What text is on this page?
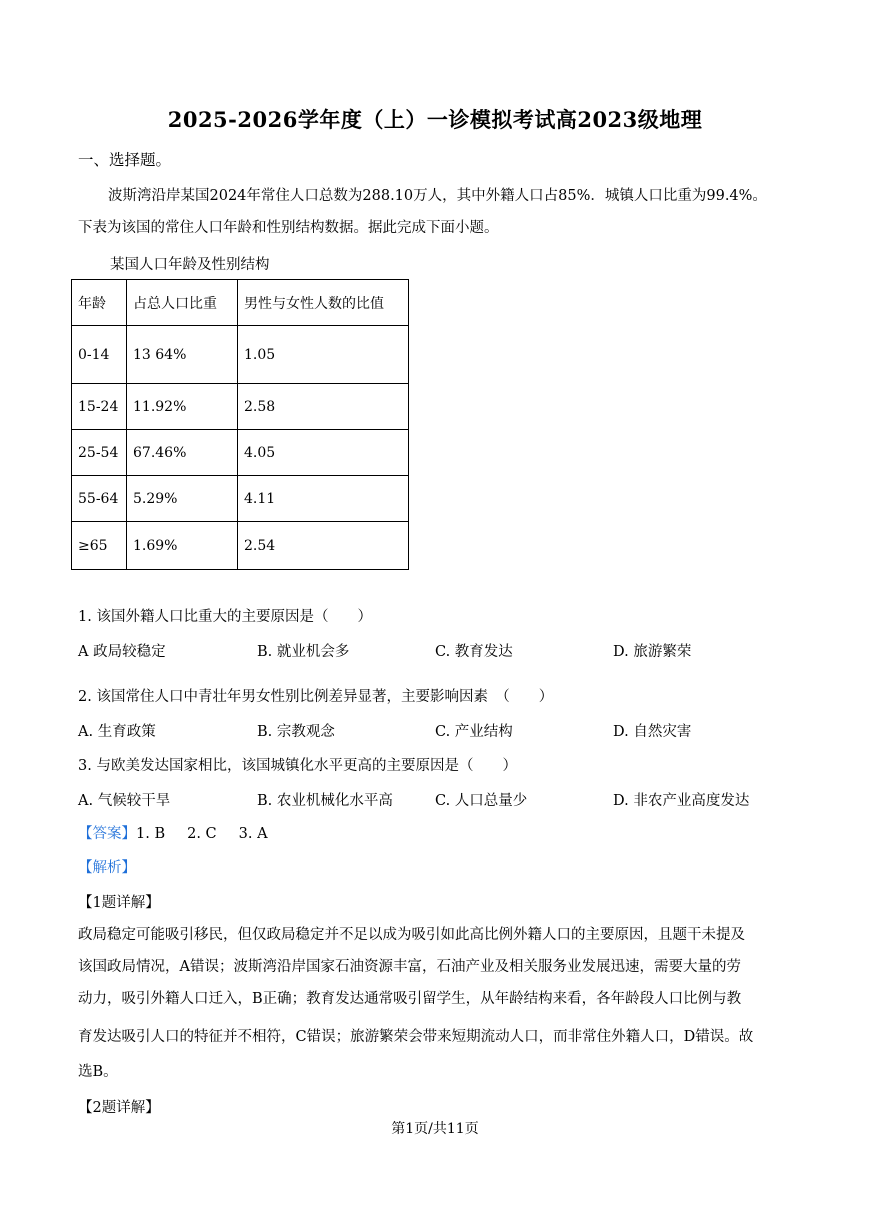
2025-2026学年度（上）一诊模拟考试高2023级地理
一、选择题。
波斯湾沿岸某国2024年常住人口总数为288.10万人，其中外籍人口占85%．城镇人口比重为99.4%。
下表为该国的常住人口年龄和性别结构数据。据此完成下面小题。
某国人口年龄及性别结构
年龄	占总人口比重	男性与女性人数的比值
0-14	13 64%	1.05
15-24	11.92%	2.58
25-54	67.46%	4.05
55-64	5.29%	4.11
≥65	1.69%	2.54
1. 该国外籍人口比重大的主要原因是（　　）
A 政局较稳定	B. 就业机会多	C. 教育发达	D. 旅游繁荣
2. 该国常住人口中青壮年男女性别比例差异显著，主要影响因素　（　　）
A. 生育政策	B. 宗教观念	C. 产业结构	D. 自然灾害
3. 与欧美发达国家相比，该国城镇化水平更高的主要原因是（　　）
A. 气候较干旱	B. 农业机械化水平高	C. 人口总量少	D. 非农产业高度发达
【答案】1. B 2. C 3. A
【解析】
【1题详解】
政局稳定可能吸引移民，但仅政局稳定并不足以成为吸引如此高比例外籍人口的主要原因，且题干未提及
该国政局情况，A错误；波斯湾沿岸国家石油资源丰富，石油产业及相关服务业发展迅速，需要大量的劳
动力，吸引外籍人口迁入，B正确；教育发达通常吸引留学生，从年龄结构来看，各年龄段人口比例与教
育发达吸引人口的特征并不相符，C错误；旅游繁荣会带来短期流动人口，而非常住外籍人口，D错误。故
选B。
【2题详解】
第1页/共11页
